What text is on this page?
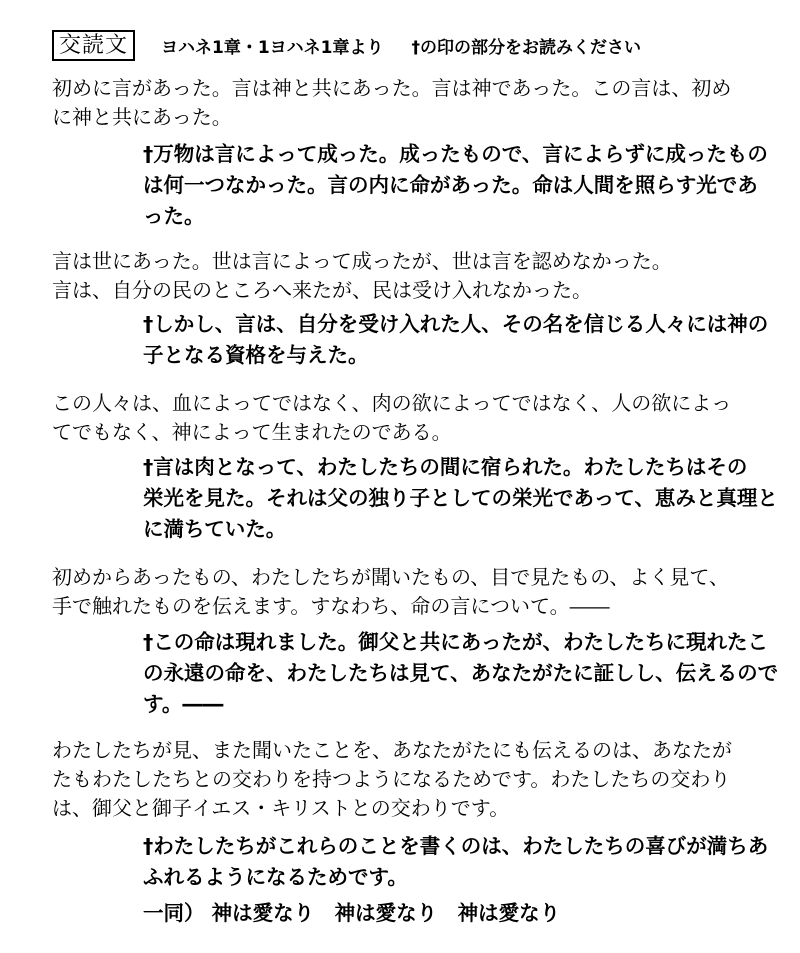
交読文	ヨハネ1章・1ヨハネ1章より †の印の部分をお読みください

初めに言があった。言は神と共にあった。言は神であった。この言は、初め
に神と共にあった。

†万物は言によって成った。成ったもので、言によらずに成ったもの
は何一つなかった。言の内に命があった。命は人間を照らす光であ
った。

言は世にあった。世は言によって成ったが、世は言を認めなかった。
言は、自分の民のところへ来たが、民は受け入れなかった。

†しかし、言は、自分を受け入れた人、その名を信じる人々には神の
子となる資格を与えた。

この人々は、血によってではなく、肉の欲によってではなく、人の欲によっ
てでもなく、神によって生まれたのである。

†言は肉となって、わたしたちの間に宿られた。わたしたちはその
栄光を見た。それは父の独り子としての栄光であって、恵みと真理と
に満ちていた。

初めからあったもの、わたしたちが聞いたもの、目で見たもの、よく見て、
手で触れたものを伝えます。すなわち、命の言について。――

†この命は現れました。御父と共にあったが、わたしたちに現れたこ
の永遠の命を、わたしたちは見て、あなたがたに証しし、伝えるので
す。――

わたしたちが見、また聞いたことを、あなたがたにも伝えるのは、あなたが
たもわたしたちとの交わりを持つようになるためです。わたしたちの交わり
は、御父と御子イエス・キリストとの交わりです。

†わたしたちがこれらのことを書くのは、わたしたちの喜びが満ちあ
ふれるようになるためです。

一同） 神は愛なり　神は愛なり　神は愛なり
